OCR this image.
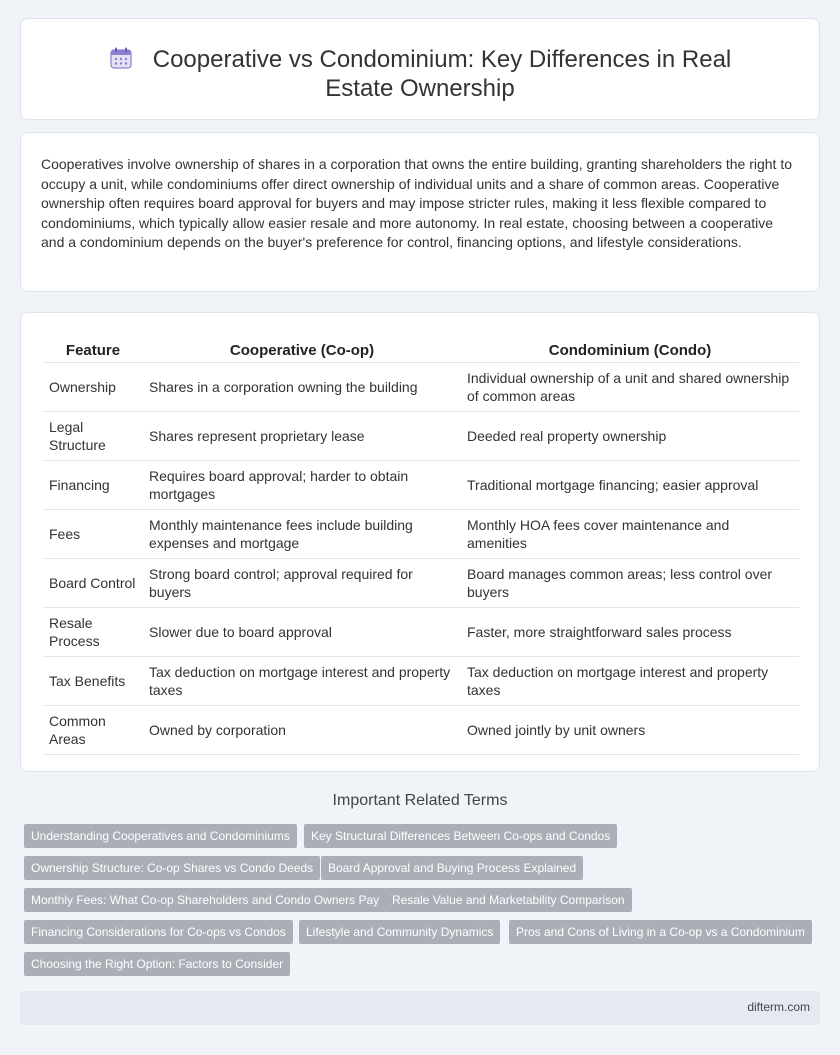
Cooperative vs Condominium: Key Differences in Real Estate Ownership

Cooperatives involve ownership of shares in a corporation that owns the entire building, granting shareholders the right to occupy a unit, while condominiums offer direct ownership of individual units and a share of common areas. Cooperative ownership often requires board approval for buyers and may impose stricter rules, making it less flexible compared to condominiums, which typically allow easier resale and more autonomy. In real estate, choosing between a cooperative and a condominium depends on the buyer's preference for control, financing options, and lifestyle considerations.

Feature	Cooperative (Co-op)	Condominium (Condo)
Ownership	Shares in a corporation owning the building	Individual ownership of a unit and shared ownership of common areas
Legal Structure	Shares represent proprietary lease	Deeded real property ownership
Financing	Requires board approval; harder to obtain mortgages	Traditional mortgage financing; easier approval
Fees	Monthly maintenance fees include building expenses and mortgage	Monthly HOA fees cover maintenance and amenities
Board Control	Strong board control; approval required for buyers	Board manages common areas; less control over buyers
Resale Process	Slower due to board approval	Faster, more straightforward sales process
Tax Benefits	Tax deduction on mortgage interest and property taxes	Tax deduction on mortgage interest and property taxes
Common Areas	Owned by corporation	Owned jointly by unit owners
Important Related Terms
Understanding Cooperatives and Condominiums	Key Structural Differences Between Co-ops and Condos
Ownership Structure: Co-op Shares vs Condo Deeds	Board Approval and Buying Process Explained
Monthly Fees: What Co-op Shareholders and Condo Owners Pay	Resale Value and Marketability Comparison
Financing Considerations for Co-ops vs Condos	Lifestyle and Community Dynamics	Pros and Cons of Living in a Co-op vs a Condominium
Choosing the Right Option: Factors to Consider
difterm.com
